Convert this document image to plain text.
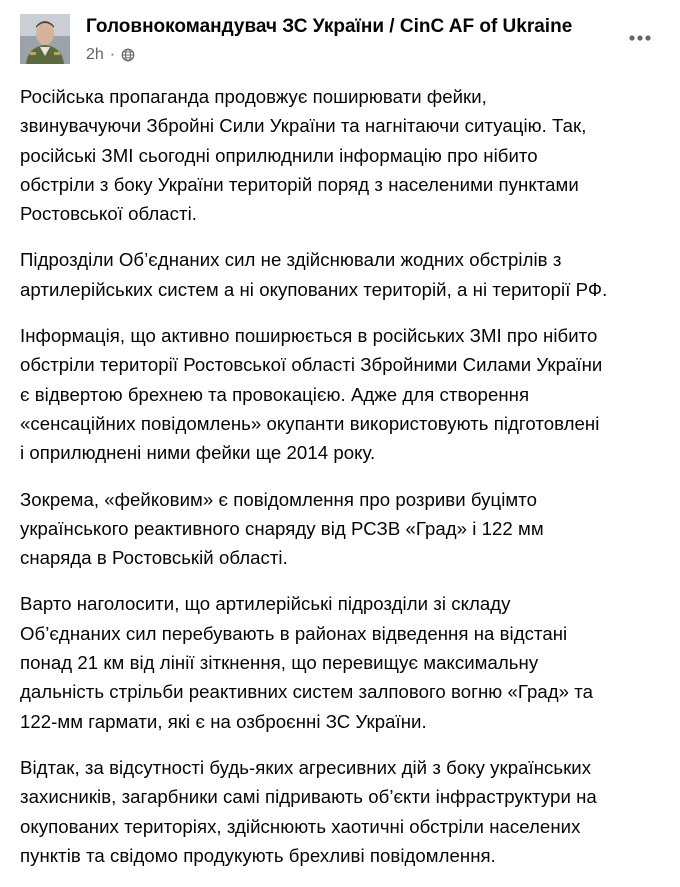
Головнокомандувач ЗС України / CinC AF of Ukraine
2h ·

Російська пропаганда продовжує поширювати фейки,
звинувачуючи Збройні Сили України та нагнітаючи ситуацію. Так,
російські ЗМІ сьогодні оприлюднили інформацію про нібито
обстріли з боку України територій поряд з населеними пунктами
Ростовської області.

Підрозділи Об’єднаних сил не здійснювали жодних обстрілів з
артилерійських систем а ні окупованих територій, а ні території РФ.

Інформація, що активно поширюється в російських ЗМІ про нібито
обстріли території Ростовської області Збройними Силами України
є відвертою брехнею та провокацією. Адже для створення
«сенсаційних повідомлень» окупанти використовують підготовлені
і оприлюднені ними фейки ще 2014 року.

Зокрема, «фейковим» є повідомлення про розриви буцімто
українського реактивного снаряду від РСЗВ «Град» і 122 мм
снаряда в Ростовській області.

Варто наголосити, що артилерійські підрозділи зі складу
Об’єднаних сил перебувають в районах відведення на відстані
понад 21 км від лінії зіткнення, що перевищує максимальну
дальність стрільби реактивних систем залпового вогню «Град» та
122-мм гармати, які є на озброєнні ЗС України.

Відтак, за відсутності будь-яких агресивних дій з боку українських
захисників, загарбники самі підривають об’єкти інфраструктури на
окупованих територіях, здійснюють хаотичні обстріли населених
пунктів та свідомо продукують брехливі повідомлення.
